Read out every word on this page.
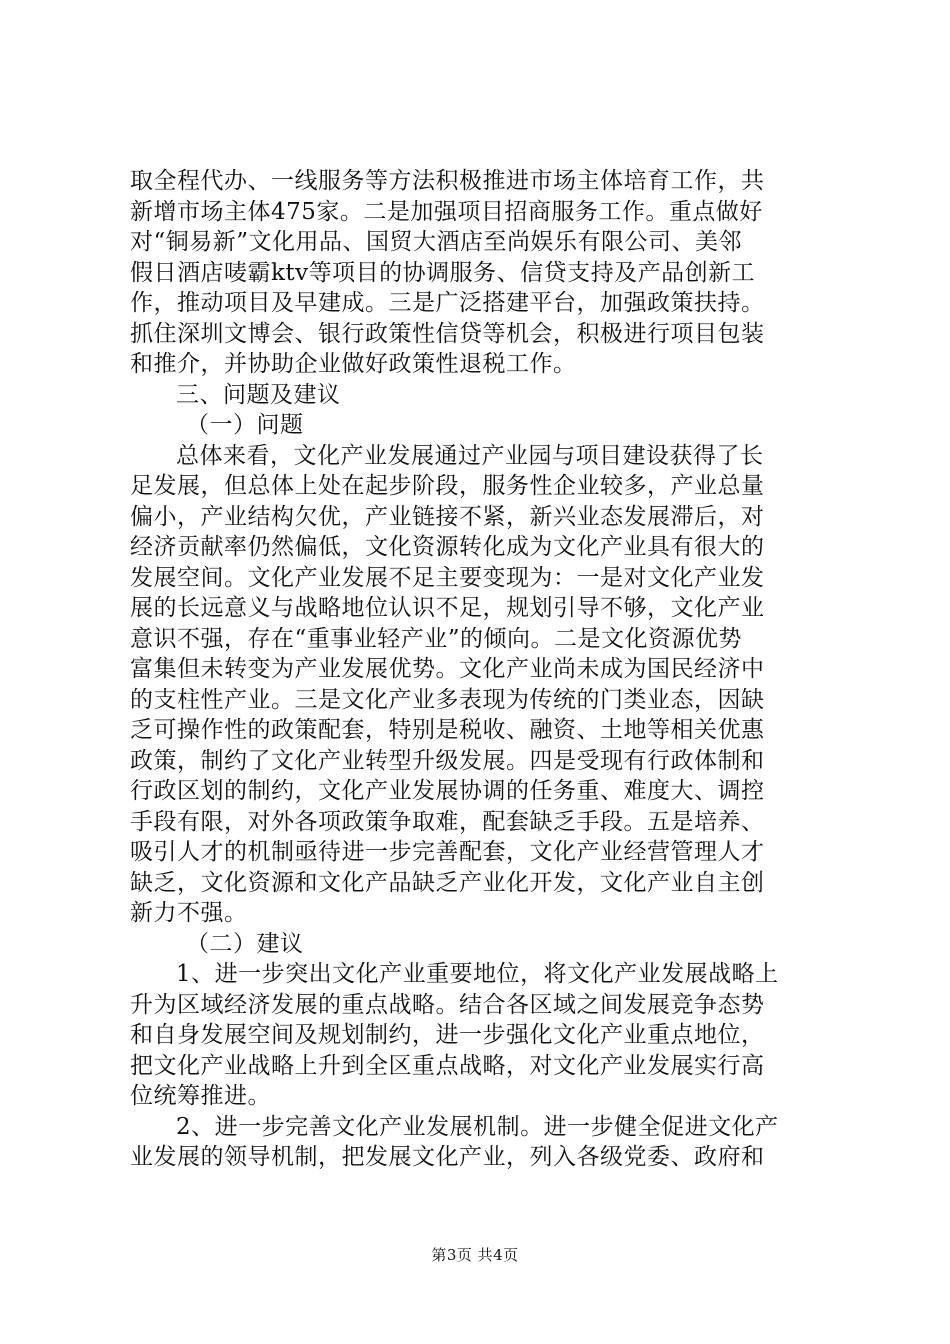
取全程代办、一线服务等方法积极推进市场主体培育工作，共
新增市场主体475家。二是加强项目招商服务工作。重点做好
对“铜易新”文化用品、国贸大酒店至尚娱乐有限公司、美邻
假日酒店唛霸ktv等项目的协调服务、信贷支持及产品创新工
作，推动项目及早建成。三是广泛搭建平台，加强政策扶持。
抓住深圳文博会、银行政策性信贷等机会，积极进行项目包装
和推介，并协助企业做好政策性退税工作。
三、问题及建议
（一）问题
总体来看，文化产业发展通过产业园与项目建设获得了长
足发展，但总体上处在起步阶段，服务性企业较多，产业总量
偏小，产业结构欠优，产业链接不紧，新兴业态发展滞后，对
经济贡献率仍然偏低，文化资源转化成为文化产业具有很大的
发展空间。文化产业发展不足主要变现为：一是对文化产业发
展的长远意义与战略地位认识不足，规划引导不够，文化产业
意识不强，存在“重事业轻产业”的倾向。二是文化资源优势
富集但未转变为产业发展优势。文化产业尚未成为国民经济中
的支柱性产业。三是文化产业多表现为传统的门类业态，因缺
乏可操作性的政策配套，特别是税收、融资、土地等相关优惠
政策，制约了文化产业转型升级发展。四是受现有行政体制和
行政区划的制约，文化产业发展协调的任务重、难度大、调控
手段有限，对外各项政策争取难，配套缺乏手段。五是培养、
吸引人才的机制亟待进一步完善配套，文化产业经营管理人才
缺乏，文化资源和文化产品缺乏产业化开发，文化产业自主创
新力不强。
（二）建议
1、进一步突出文化产业重要地位，将文化产业发展战略上
升为区域经济发展的重点战略。结合各区域之间发展竞争态势
和自身发展空间及规划制约，进一步强化文化产业重点地位，
把文化产业战略上升到全区重点战略，对文化产业发展实行高
位统筹推进。
2、进一步完善文化产业发展机制。进一步健全促进文化产
业发展的领导机制，把发展文化产业，列入各级党委、政府和
第3页 共4页
